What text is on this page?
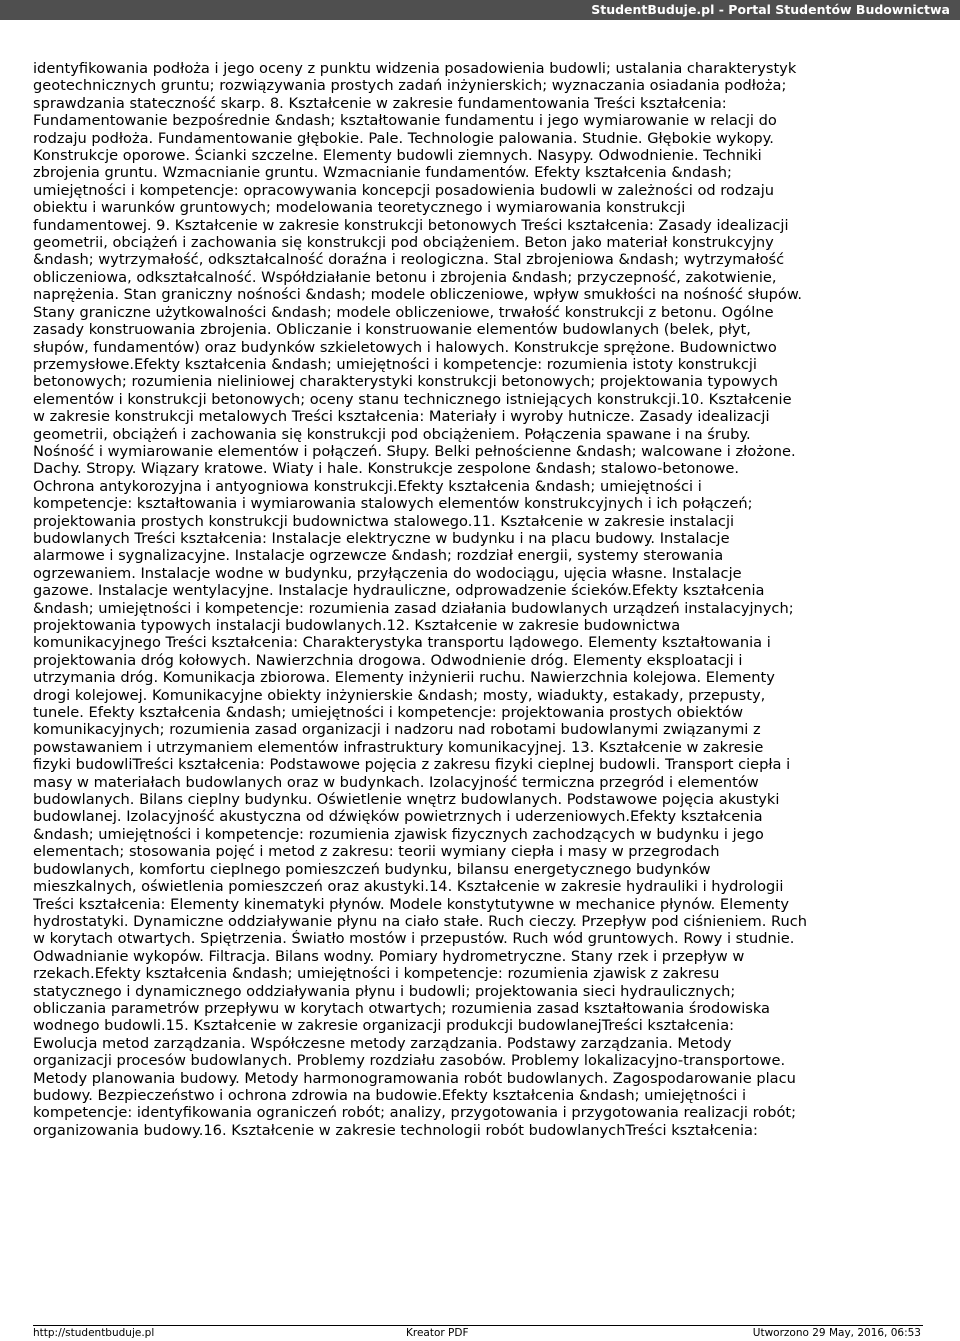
StudentBuduje.pl - Portal Studentów Budownictwa
identyfikowania podłoża i jego oceny z punktu widzenia posadowienia budowli; ustalania charakterystyk
geotechnicznych gruntu; rozwiązywania prostych zadań inżynierskich; wyznaczania osiadania podłoża;
sprawdzania stateczność skarp. 8. Kształcenie w zakresie fundamentowania Treści kształcenia:
Fundamentowanie bezpośrednie &ndash; kształtowanie fundamentu i jego wymiarowanie w relacji do
rodzaju podłoża. Fundamentowanie głębokie. Pale. Technologie palowania. Studnie. Głębokie wykopy.
Konstrukcje oporowe. Ścianki szczelne. Elementy budowli ziemnych. Nasypy. Odwodnienie. Techniki
zbrojenia gruntu. Wzmacnianie gruntu. Wzmacnianie fundamentów. Efekty kształcenia &ndash;
umiejętności i kompetencje: opracowywania koncepcji posadowienia budowli w zależności od rodzaju
obiektu i warunków gruntowych; modelowania teoretycznego i wymiarowania konstrukcji
fundamentowej. 9. Kształcenie w zakresie konstrukcji betonowych Treści kształcenia: Zasady idealizacji
geometrii, obciążeń i zachowania się konstrukcji pod obciążeniem. Beton jako materiał konstrukcyjny
&ndash; wytrzymałość, odkształcalność doraźna i reologiczna. Stal zbrojeniowa &ndash; wytrzymałość
obliczeniowa, odkształcalność. Współdziałanie betonu i zbrojenia &ndash; przyczepność, zakotwienie,
naprężenia. Stan graniczny nośności &ndash; modele obliczeniowe, wpływ smukłości na nośność słupów.
Stany graniczne użytkowalności &ndash; modele obliczeniowe, trwałość konstrukcji z betonu. Ogólne
zasady konstruowania zbrojenia. Obliczanie i konstruowanie elementów budowlanych (belek, płyt,
słupów, fundamentów) oraz budynków szkieletowych i halowych. Konstrukcje sprężone. Budownictwo
przemysłowe.Efekty kształcenia &ndash; umiejętności i kompetencje: rozumienia istoty konstrukcji
betonowych; rozumienia nieliniowej charakterystyki konstrukcji betonowych; projektowania typowych
elementów i konstrukcji betonowych; oceny stanu technicznego istniejących konstrukcji.10. Kształcenie
w zakresie konstrukcji metalowych Treści kształcenia: Materiały i wyroby hutnicze. Zasady idealizacji
geometrii, obciążeń i zachowania się konstrukcji pod obciążeniem. Połączenia spawane i na śruby.
Nośność i wymiarowanie elementów i połączeń. Słupy. Belki pełnościenne &ndash; walcowane i złożone.
Dachy. Stropy. Wiązary kratowe. Wiaty i hale. Konstrukcje zespolone &ndash; stalowo-betonowe.
Ochrona antykorozyjna i antyogniowa konstrukcji.Efekty kształcenia &ndash; umiejętności i
kompetencje: kształtowania i wymiarowania stalowych elementów konstrukcyjnych i ich połączeń;
projektowania prostych konstrukcji budownictwa stalowego.11. Kształcenie w zakresie instalacji
budowlanych Treści kształcenia: Instalacje elektryczne w budynku i na placu budowy. Instalacje
alarmowe i sygnalizacyjne. Instalacje ogrzewcze &ndash; rozdział energii, systemy sterowania
ogrzewaniem. Instalacje wodne w budynku, przyłączenia do wodociągu, ujęcia własne. Instalacje
gazowe. Instalacje wentylacyjne. Instalacje hydrauliczne, odprowadzenie ścieków.Efekty kształcenia
&ndash; umiejętności i kompetencje: rozumienia zasad działania budowlanych urządzeń instalacyjnych;
projektowania typowych instalacji budowlanych.12. Kształcenie w zakresie budownictwa
komunikacyjnego Treści kształcenia: Charakterystyka transportu lądowego. Elementy kształtowania i
projektowania dróg kołowych. Nawierzchnia drogowa. Odwodnienie dróg. Elementy eksploatacji i
utrzymania dróg. Komunikacja zbiorowa. Elementy inżynierii ruchu. Nawierzchnia kolejowa. Elementy
drogi kolejowej. Komunikacyjne obiekty inżynierskie &ndash; mosty, wiadukty, estakady, przepusty,
tunele. Efekty kształcenia &ndash; umiejętności i kompetencje: projektowania prostych obiektów
komunikacyjnych; rozumienia zasad organizacji i nadzoru nad robotami budowlanymi związanymi z
powstawaniem i utrzymaniem elementów infrastruktury komunikacyjnej. 13. Kształcenie w zakresie
fizyki budowliTreści kształcenia: Podstawowe pojęcia z zakresu fizyki cieplnej budowli. Transport ciepła i
masy w materiałach budowlanych oraz w budynkach. Izolacyjność termiczna przegród i elementów
budowlanych. Bilans cieplny budynku. Oświetlenie wnętrz budowlanych. Podstawowe pojęcia akustyki
budowlanej. Izolacyjność akustyczna od dźwięków powietrznych i uderzeniowych.Efekty kształcenia
&ndash; umiejętności i kompetencje: rozumienia zjawisk fizycznych zachodzących w budynku i jego
elementach; stosowania pojęć i metod z zakresu: teorii wymiany ciepła i masy w przegrodach
budowlanych, komfortu cieplnego pomieszczeń budynku, bilansu energetycznego budynków
mieszkalnych, oświetlenia pomieszczeń oraz akustyki.14. Kształcenie w zakresie hydrauliki i hydrologii
Treści kształcenia: Elementy kinematyki płynów. Modele konstytutywne w mechanice płynów. Elementy
hydrostatyki. Dynamiczne oddziaływanie płynu na ciało stałe. Ruch cieczy. Przepływ pod ciśnieniem. Ruch
w korytach otwartych. Spiętrzenia. Światło mostów i przepustów. Ruch wód gruntowych. Rowy i studnie.
Odwadnianie wykopów. Filtracja. Bilans wodny. Pomiary hydrometryczne. Stany rzek i przepływ w
rzekach.Efekty kształcenia &ndash; umiejętności i kompetencje: rozumienia zjawisk z zakresu
statycznego i dynamicznego oddziaływania płynu i budowli; projektowania sieci hydraulicznych;
obliczania parametrów przepływu w korytach otwartych; rozumienia zasad kształtowania środowiska
wodnego budowli.15. Kształcenie w zakresie organizacji produkcji budowlanejTreści kształcenia:
Ewolucja metod zarządzania. Współczesne metody zarządzania. Podstawy zarządzania. Metody
organizacji procesów budowlanych. Problemy rozdziału zasobów. Problemy lokalizacyjno-transportowe.
Metody planowania budowy. Metody harmonogramowania robót budowlanych. Zagospodarowanie placu
budowy. Bezpieczeństwo i ochrona zdrowia na budowie.Efekty kształcenia &ndash; umiejętności i
kompetencje: identyfikowania ograniczeń robót; analizy, przygotowania i przygotowania realizacji robót;
organizowania budowy.16. Kształcenie w zakresie technologii robót budowlanychTreści kształcenia:
http://studentbuduje.pl	Kreator PDF	Utworzono 29 May, 2016, 06:53
